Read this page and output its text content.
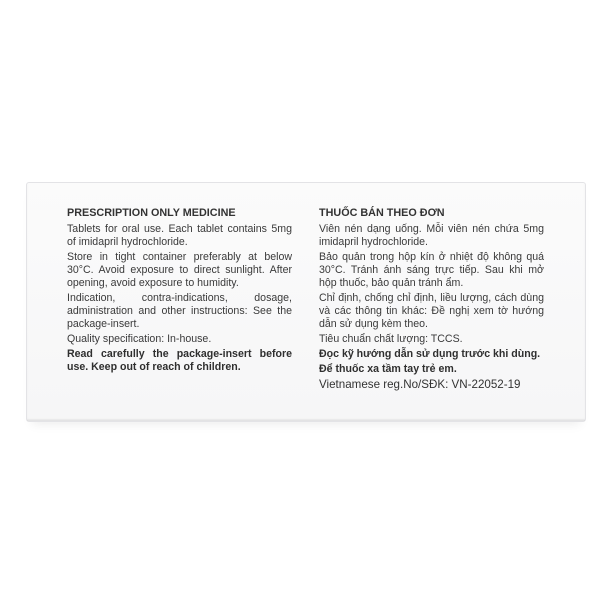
PRESCRIPTION ONLY MEDICINE
Tablets for oral use. Each tablet contains 5mg of imidapril hydrochloride.
Store in tight container preferably at below 30°C. Avoid exposure to direct sunlight. After opening, avoid exposure to humidity.
Indication, contra-indications, dosage, administration and other instructions: See the package-insert.
Quality specification: In-house.
Read carefully the package-insert before use. Keep out of reach of children.
THUỐC BÁN THEO ĐƠN
Viên nén dạng uống. Mỗi viên nén chứa 5mg imidapril hydrochloride.
Bảo quản trong hộp kín ở nhiệt độ không quá 30°C. Tránh ánh sáng trực tiếp. Sau khi mở hộp thuốc, bảo quản tránh ẩm.
Chỉ định, chống chỉ định, liều lượng, cách dùng và các thông tin khác: Đề nghị xem tờ hướng dẫn sử dụng kèm theo.
Tiêu chuẩn chất lượng: TCCS.
Đọc kỹ hướng dẫn sử dụng trước khi dùng.
Để thuốc xa tầm tay trẻ em.
Vietnamese reg.No/SĐK: VN-22052-19
